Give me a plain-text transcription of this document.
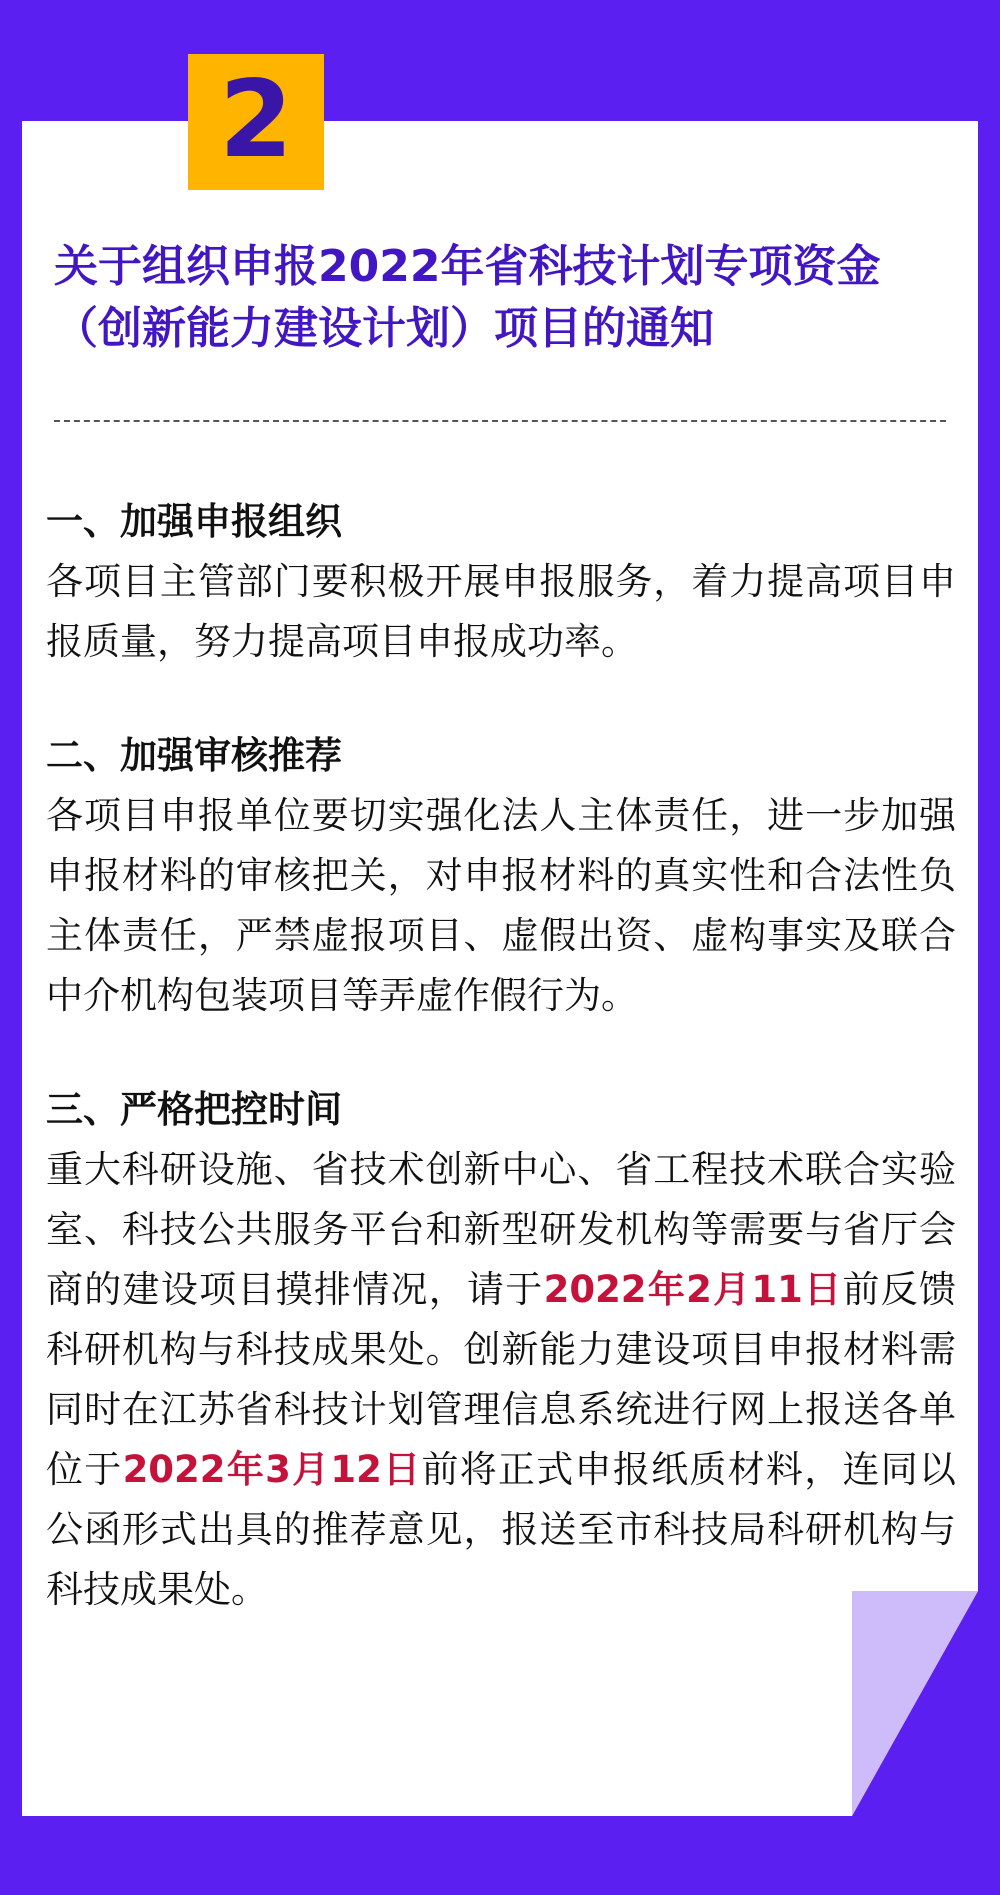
2
关于组织申报2022年省科技计划专项资金
（创新能力建设计划）项目的通知

一、加强申报组织

各项目主管部门要积极开展申报服务，着力提高项目申报质量，努力提高项目申报成功率。

二、加强审核推荐

各项目申报单位要切实强化法人主体责任，进一步加强申报材料的审核把关，对申报材料的真实性和合法性负主体责任，严禁虚报项目、虚假出资、虚构事实及联合中介机构包装项目等弄虚作假行为。

三、严格把控时间

重大科研设施、省技术创新中心、省工程技术联合实验室、科技公共服务平台和新型研发机构等需要与省厅会商的建设项目摸排情况，请于2022年2月11日前反馈科研机构与科技成果处。创新能力建设项目申报材料需同时在江苏省科技计划管理信息系统进行网上报送各单位于2022年3月12日前将正式申报纸质材料，连同以公函形式出具的推荐意见，报送至市科技局科研机构与科技成果处。
